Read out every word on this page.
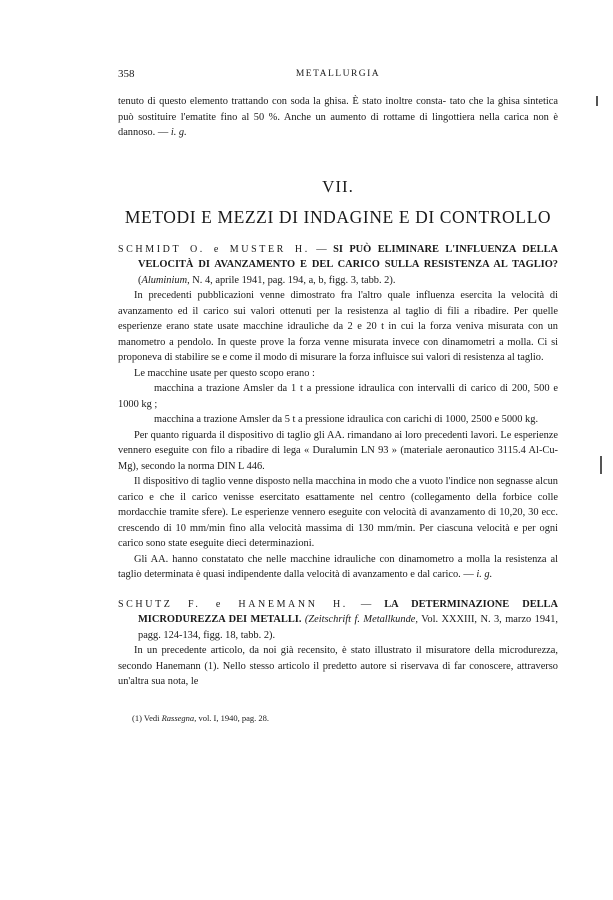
358	METALLURGIA

tenuto di questo elemento trattando con soda la ghisa. È stato inoltre consta- tato che la ghisa sintetica può sostituire l'ematite fino al 50 %. Anche un aumento di rottame di lingottiera nella carica non è dannoso. — i. g.

VII.
METODI E MEZZI DI INDAGINE E DI CONTROLLO

SCHMIDT O. e MUSTER H. — SI PUÒ ELIMINARE L'INFLUENZA DELLA VELOCITÀ DI AVANZAMENTO E DEL CARICO SULLA RESISTENZA AL TAGLIO? (Aluminium, N. 4, aprile 1941, pag. 194, a, b, figg. 3, tabb. 2).

In precedenti pubblicazioni venne dimostrato fra l'altro quale influenza esercita la velocità di avanzamento ed il carico sui valori ottenuti per la resistenza al taglio di fili a ribadire. Per quelle esperienze erano state usate macchine idrauliche da 2 e 20 t in cui la forza veniva misurata con un manometro a pendolo. In queste prove la forza venne misurata invece con dinamometri a molla. Ci si proponeva di stabilire se e come il modo di misurare la forza influisce sui valori di resistenza al taglio.

Le macchine usate per questo scopo erano :

macchina a trazione Amsler da 1 t a pressione idraulica con intervalli di carico di 200, 500 e 1000 kg ;

macchina a trazione Amsler da 5 t a pressione idraulica con carichi di 1000, 2500 e 5000 kg.

Per quanto riguarda il dispositivo di taglio gli AA. rimandano ai loro precedenti lavori. Le esperienze vennero eseguite con filo a ribadire di lega « Duralumin LN 93 » (materiale aeronautico 3115.4 Al-Cu-Mg), secondo la norma DIN L 446.

Il dispositivo di taglio venne disposto nella macchina in modo che a vuoto l'indice non segnasse alcun carico e che il carico venisse esercitato esattamente nel centro (collegamento della forbice colle mordacchie tramite sfere). Le esperienze vennero eseguite con velocità di avanzamento di 10,20, 30 ecc. crescendo di 10 mm/min fino alla velocità massima di 130 mm/min. Per ciascuna velocità e per ogni carico sono state eseguite dieci determinazioni.

Gli AA. hanno constatato che nelle macchine idrauliche con dinamometro a molla la resistenza al taglio determinata è quasi indipendente dalla velocità di avanzamento e dal carico. — i. g.

SCHUTZ F. e HANEMANN H. — LA DETERMINAZIONE DELLA MICRODUREZZA DEI METALLI. (Zeitschrift f. Metallkunde, Vol. XXXIII, N. 3, marzo 1941, pagg. 124-134, figg. 18, tabb. 2).

In un precedente articolo, da noi già recensito, è stato illustrato il misuratore della microdurezza, secondo Hanemann (1). Nello stesso articolo il predetto autore si riservava di far conoscere, attraverso un'altra sua nota, le

(1) Vedi Rassegna, vol. I, 1940, pag. 28.
